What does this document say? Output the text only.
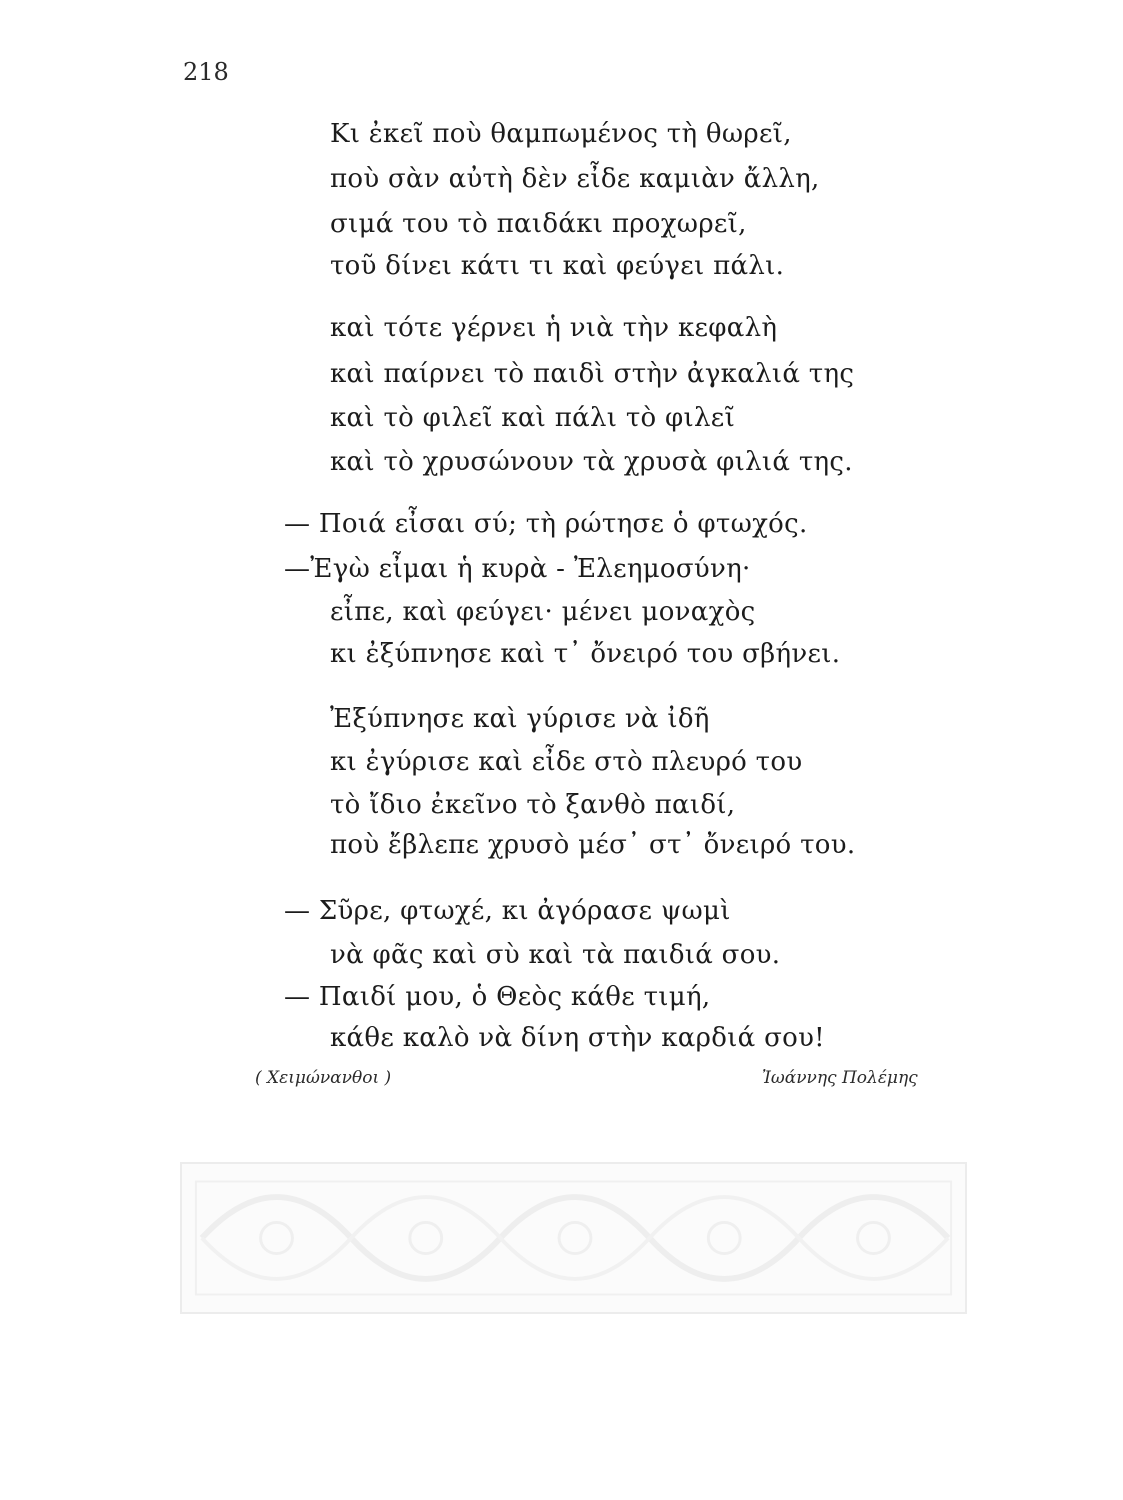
218
Κι ἐκεῖ ποὺ θαμπωμένος τὴ θωρεῖ,
ποὺ σὰν αὐτὴ δὲν εἶδε καμιὰν ἄλλη,
σιμά του τὸ παιδάκι προχωρεῖ,
τοῦ δίνει κάτι τι καὶ φεύγει πάλι.
καὶ τότε γέρνει ἡ νιὰ τὴν κεφαλὴ
καὶ παίρνει τὸ παιδὶ στὴν ἀγκαλιά της
καὶ τὸ φιλεῖ καὶ πάλι τὸ φιλεῖ
καὶ τὸ χρυσώνουν τὰ χρυσὰ φιλιά της.
— Ποιά εἶσαι σύ; τὴ ρώτησε ὁ φτωχός.
—Ἐγὼ εἶμαι ἡ κυρὰ - Ἐλεημοσύνη·
εἶπε, καὶ φεύγει· μένει μοναχὸς
κι ἐξύπνησε καὶ τ᾽ ὄνειρό του σβήνει.
Ἐξύπνησε καὶ γύρισε νὰ ἰδῆ
κι ἐγύρισε καὶ εἶδε στὸ πλευρό του
τὸ ἴδιο ἐκεῖνο τὸ ξανθὸ παιδί,
ποὺ ἔβλεπε χρυσὸ μέσ᾽ στ᾽ ὄνειρό του.
— Σῦρε, φτωχέ, κι ἀγόρασε ψωμὶ
νὰ φᾶς καὶ σὺ καὶ τὰ παιδιά σου.
— Παιδί μου, ὁ Θεὸς κάθε τιμή,
κάθε καλὸ νὰ δίνη στὴν καρδιά σου!
( Χειμώνανθοι )	Ἰωάννης Πολέμης
